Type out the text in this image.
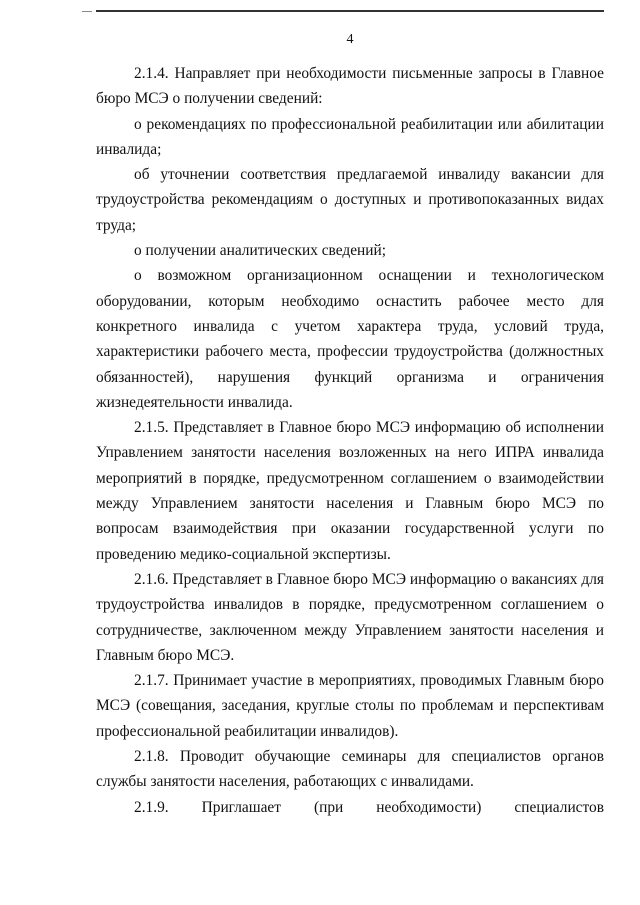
4

2.1.4. Направляет при необходимости письменные запросы в Главное бюро МСЭ о получении сведений:

о рекомендациях по профессиональной реабилитации или абилитации инвалида;

об уточнении соответствия предлагаемой инвалиду вакансии для трудоустройства рекомендациям о доступных и противопоказанных видах труда;

о получении аналитических сведений;

о возможном организационном оснащении и технологическом оборудовании, которым необходимо оснастить рабочее место для конкретного инвалида с учетом характера труда, условий труда, характеристики рабочего места, профессии трудоустройства (должностных обязанностей), нарушения функций организма и ограничения жизнедеятельности инвалида.

2.1.5. Представляет в Главное бюро МСЭ информацию об исполнении Управлением занятости населения возложенных на него ИПРА инвалида мероприятий в порядке, предусмотренном соглашением о взаимодействии между Управлением занятости населения и Главным бюро МСЭ по вопросам взаимодействия при оказании государственной услуги по проведению медико-социальной экспертизы.

2.1.6. Представляет в Главное бюро МСЭ информацию о вакансиях для трудоустройства инвалидов в порядке, предусмотренном соглашением о сотрудничестве, заключенном между Управлением занятости населения и Главным бюро МСЭ.

2.1.7. Принимает участие в мероприятиях, проводимых Главным бюро МСЭ (совещания, заседания, круглые столы по проблемам и перспективам профессиональной реабилитации инвалидов).

2.1.8. Проводит обучающие семинары для специалистов органов службы занятости населения, работающих с инвалидами.

2.1.9. Приглашает (при необходимости) специалистов
